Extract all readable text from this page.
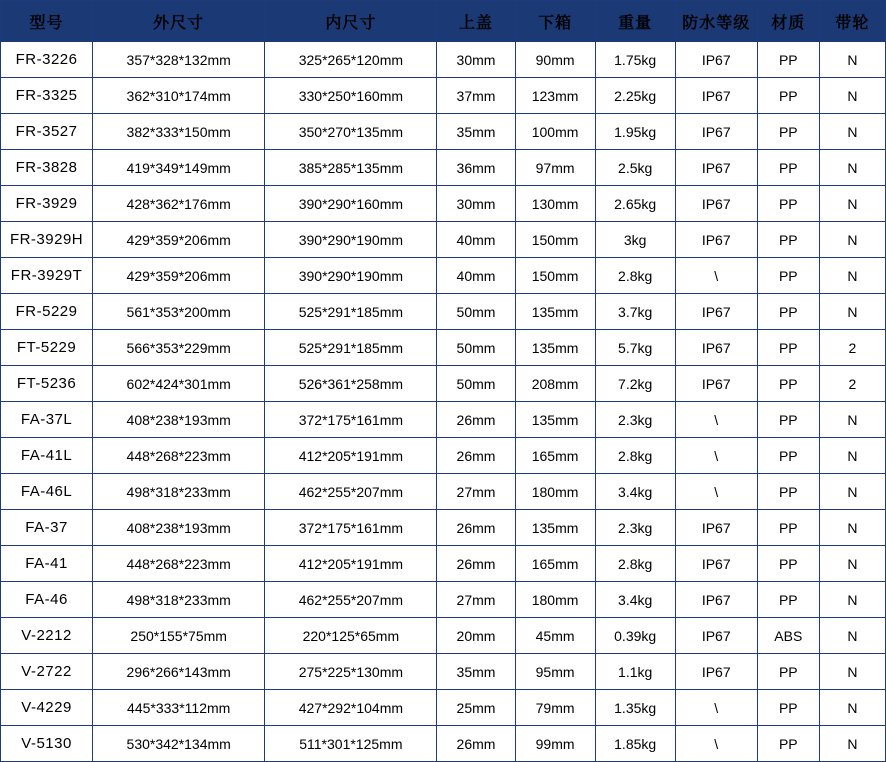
型号	外尺寸	内尺寸	上盖	下箱	重量	防水等级	材质	带轮
FR-3226	357*328*132mm	325*265*120mm	30mm	90mm	1.75kg	IP67	PP	N
FR-3325	362*310*174mm	330*250*160mm	37mm	123mm	2.25kg	IP67	PP	N
FR-3527	382*333*150mm	350*270*135mm	35mm	100mm	1.95kg	IP67	PP	N
FR-3828	419*349*149mm	385*285*135mm	36mm	97mm	2.5kg	IP67	PP	N
FR-3929	428*362*176mm	390*290*160mm	30mm	130mm	2.65kg	IP67	PP	N
FR-3929H	429*359*206mm	390*290*190mm	40mm	150mm	3kg	IP67	PP	N
FR-3929T	429*359*206mm	390*290*190mm	40mm	150mm	2.8kg	\	PP	N
FR-5229	561*353*200mm	525*291*185mm	50mm	135mm	3.7kg	IP67	PP	N
FT-5229	566*353*229mm	525*291*185mm	50mm	135mm	5.7kg	IP67	PP	2
FT-5236	602*424*301mm	526*361*258mm	50mm	208mm	7.2kg	IP67	PP	2
FA-37L	408*238*193mm	372*175*161mm	26mm	135mm	2.3kg	\	PP	N
FA-41L	448*268*223mm	412*205*191mm	26mm	165mm	2.8kg	\	PP	N
FA-46L	498*318*233mm	462*255*207mm	27mm	180mm	3.4kg	\	PP	N
FA-37	408*238*193mm	372*175*161mm	26mm	135mm	2.3kg	IP67	PP	N
FA-41	448*268*223mm	412*205*191mm	26mm	165mm	2.8kg	IP67	PP	N
FA-46	498*318*233mm	462*255*207mm	27mm	180mm	3.4kg	IP67	PP	N
V-2212	250*155*75mm	220*125*65mm	20mm	45mm	0.39kg	IP67	ABS	N
V-2722	296*266*143mm	275*225*130mm	35mm	95mm	1.1kg	IP67	PP	N
V-4229	445*333*112mm	427*292*104mm	25mm	79mm	1.35kg	\	PP	N
V-5130	530*342*134mm	511*301*125mm	26mm	99mm	1.85kg	\	PP	N
